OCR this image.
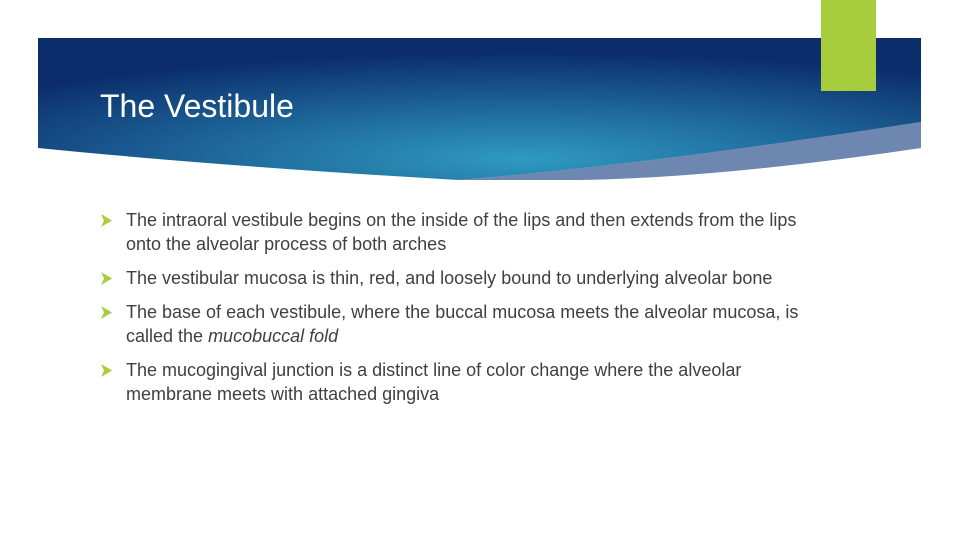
The Vestibule
The intraoral vestibule begins on the inside of the lips and then extends from the lips onto the alveolar process of both arches
The vestibular mucosa is thin, red, and loosely bound to underlying alveolar bone
The base of each vestibule, where the buccal mucosa meets the alveolar mucosa, is called the mucobuccal fold
The mucogingival junction is a distinct line of color change where the alveolar membrane meets with attached gingiva
